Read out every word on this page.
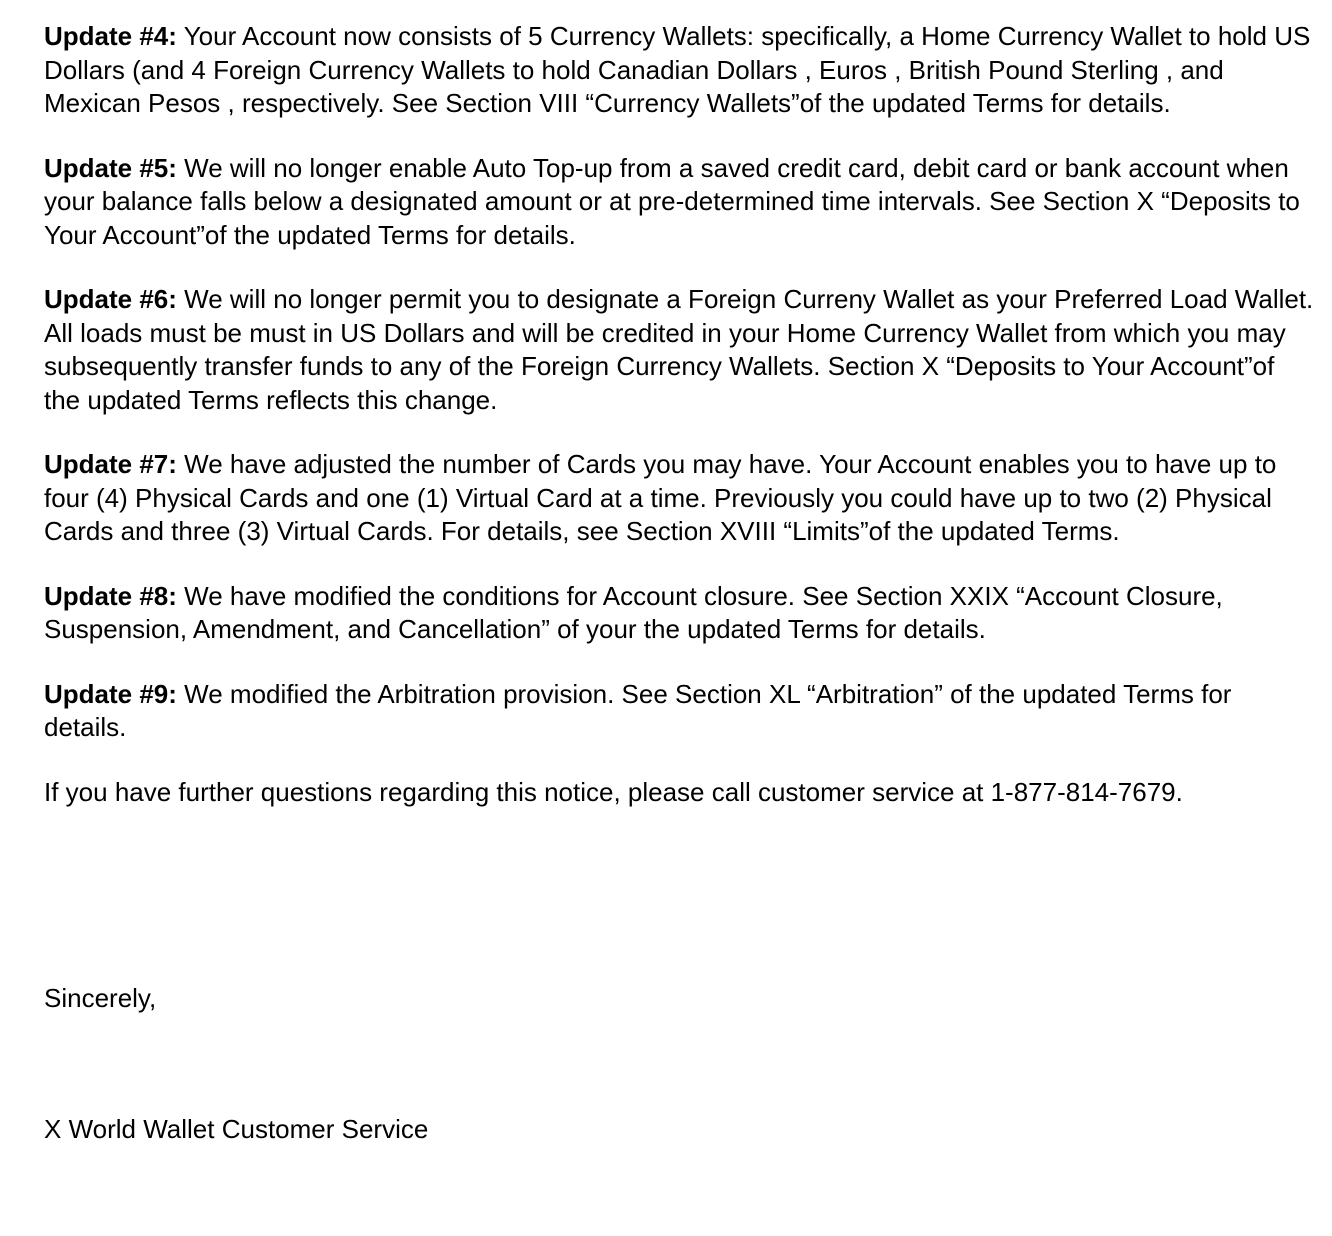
Update #4: Your Account now consists of 5 Currency Wallets: specifically, a Home Currency Wallet to hold US Dollars (and 4 Foreign Currency Wallets to hold Canadian Dollars , Euros , British Pound Sterling , and Mexican Pesos , respectively. See Section VIII “Currency Wallets”of the updated Terms for details.

Update #5: We will no longer enable Auto Top-up from a saved credit card, debit card or bank account when your balance falls below a designated amount or at pre-determined time intervals. See Section X “Deposits to Your Account”of the updated Terms for details.

Update #6: We will no longer permit you to designate a Foreign Curreny Wallet as your Preferred Load Wallet. All loads must be must in US Dollars and will be credited in your Home Currency Wallet from which you may subsequently transfer funds to any of the Foreign Currency Wallets. Section X “Deposits to Your Account”of the updated Terms reflects this change.

Update #7: We have adjusted the number of Cards you may have. Your Account enables you to have up to four (4) Physical Cards and one (1) Virtual Card at a time. Previously you could have up to two (2) Physical Cards and three (3) Virtual Cards. For details, see Section XVIII “Limits”of the updated Terms.

Update #8: We have modified the conditions for Account closure. See Section XXIX “Account Closure, Suspension, Amendment, and Cancellation” of your the updated Terms for details.

Update #9: We modified the Arbitration provision. See Section XL “Arbitration” of the updated Terms for details.

If you have further questions regarding this notice, please call customer service at 1-877-814-7679.

Sincerely,

X World Wallet Customer Service
